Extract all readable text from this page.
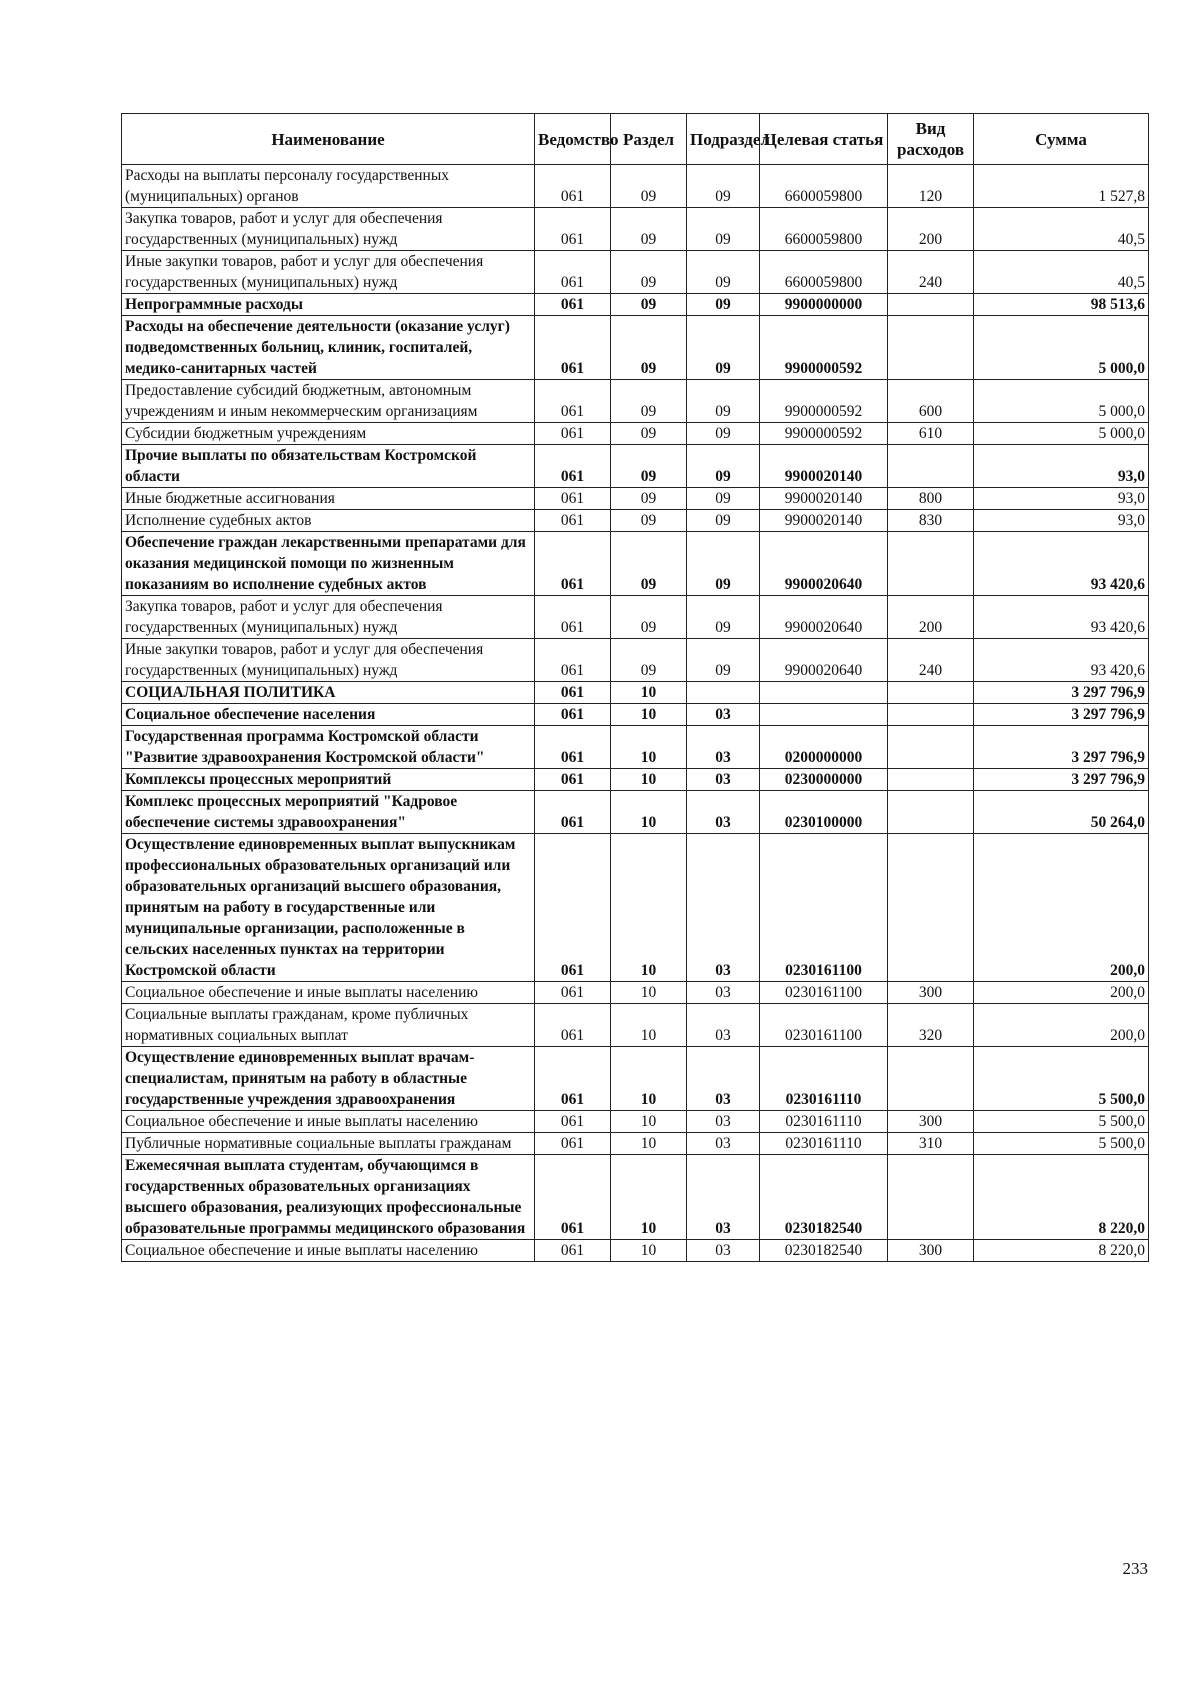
Наименование	Ведомство	Раздел	Подраздел	Целевая статья	Вид расходов	Сумма
Расходы на выплаты персоналу государственных (муниципальных) органов	061	09	09	6600059800	120	1 527,8
Закупка товаров, работ и услуг для обеспечения государственных (муниципальных) нужд	061	09	09	6600059800	200	40,5
Иные закупки товаров, работ и услуг для обеспечения государственных (муниципальных) нужд	061	09	09	6600059800	240	40,5
Непрограммные расходы	061	09	09	9900000000		98 513,6
Расходы на обеспечение деятельности (оказание услуг) подведомственных больниц, клиник, госпиталей, медико-санитарных частей	061	09	09	9900000592		5 000,0
Предоставление субсидий бюджетным, автономным учреждениям и иным некоммерческим организациям	061	09	09	9900000592	600	5 000,0
Субсидии бюджетным учреждениям	061	09	09	9900000592	610	5 000,0
Прочие выплаты по обязательствам Костромской области	061	09	09	9900020140		93,0
Иные бюджетные ассигнования	061	09	09	9900020140	800	93,0
Исполнение судебных актов	061	09	09	9900020140	830	93,0
Обеспечение граждан лекарственными препаратами для оказания медицинской помощи по жизненным показаниям во исполнение судебных актов	061	09	09	9900020640		93 420,6
Закупка товаров, работ и услуг для обеспечения государственных (муниципальных) нужд	061	09	09	9900020640	200	93 420,6
Иные закупки товаров, работ и услуг для обеспечения государственных (муниципальных) нужд	061	09	09	9900020640	240	93 420,6
СОЦИАЛЬНАЯ ПОЛИТИКА	061	10				3 297 796,9
Социальное обеспечение населения	061	10	03			3 297 796,9
Государственная программа Костромской области "Развитие здравоохранения Костромской области"	061	10	03	0200000000		3 297 796,9
Комплексы процессных мероприятий	061	10	03	0230000000		3 297 796,9
Комплекс процессных мероприятий "Кадровое обеспечение системы здравоохранения"	061	10	03	0230100000		50 264,0
Осуществление единовременных выплат выпускникам профессиональных образовательных организаций или образовательных организаций высшего образования, принятым на работу в государственные или муниципальные организации, расположенные в сельских населенных пунктах на территории Костромской области	061	10	03	0230161100		200,0
Социальное обеспечение и иные выплаты населению	061	10	03	0230161100	300	200,0
Социальные выплаты гражданам, кроме публичных нормативных социальных выплат	061	10	03	0230161100	320	200,0
Осуществление единовременных выплат врачам-специалистам, принятым на работу в областные государственные учреждения здравоохранения	061	10	03	0230161110		5 500,0
Социальное обеспечение и иные выплаты населению	061	10	03	0230161110	300	5 500,0
Публичные нормативные социальные выплаты гражданам	061	10	03	0230161110	310	5 500,0
Ежемесячная выплата студентам, обучающимся в государственных образовательных организациях высшего образования, реализующих профессиональные образовательные программы медицинского образования	061	10	03	0230182540		8 220,0
Социальное обеспечение и иные выплаты населению	061	10	03	0230182540	300	8 220,0
233
